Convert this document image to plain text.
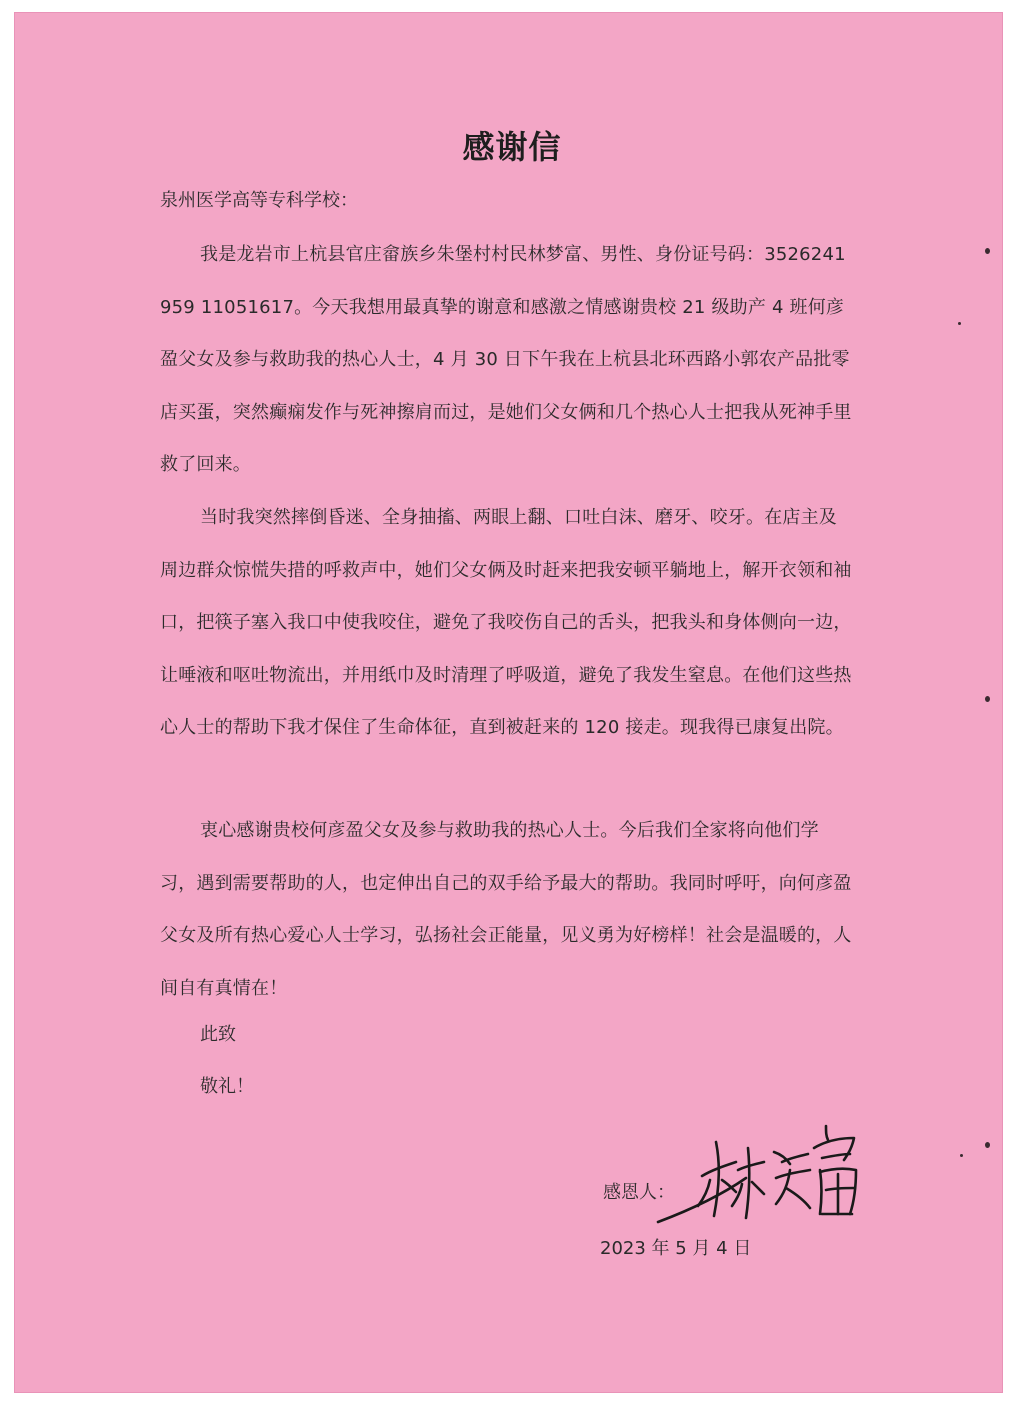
感谢信
泉州医学高等专科学校：

我是龙岩市上杭县官庄畲族乡朱堡村村民林梦富、男性、身份证号码：3526241959 11051617。今天我想用最真挚的谢意和感激之情感谢贵校 21 级助产 4 班何彦盈父女及参与救助我的热心人士，4 月 30 日下午我在上杭县北环西路小郭农产品批零店买蛋，突然癫痫发作与死神擦肩而过，是她们父女俩和几个热心人士把我从死神手里救了回来。

当时我突然摔倒昏迷、全身抽搐、两眼上翻、口吐白沫、磨牙、咬牙。在店主及周边群众惊慌失措的呼救声中，她们父女俩及时赶来把我安顿平躺地上，解开衣领和袖口，把筷子塞入我口中使我咬住，避免了我咬伤自己的舌头，把我头和身体侧向一边，让唾液和呕吐物流出，并用纸巾及时清理了呼吸道，避免了我发生窒息。在他们这些热心人士的帮助下我才保住了生命体征，直到被赶来的 120 接走。现我得已康复出院。

衷心感谢贵校何彦盈父女及参与救助我的热心人士。今后我们全家将向他们学习，遇到需要帮助的人，也定伸出自己的双手给予最大的帮助。我同时呼吁，向何彦盈父女及所有热心爱心人士学习，弘扬社会正能量，见义勇为好榜样！社会是温暖的，人间自有真情在！

此致
敬礼！
感恩人：
2023 年 5 月 4 日
